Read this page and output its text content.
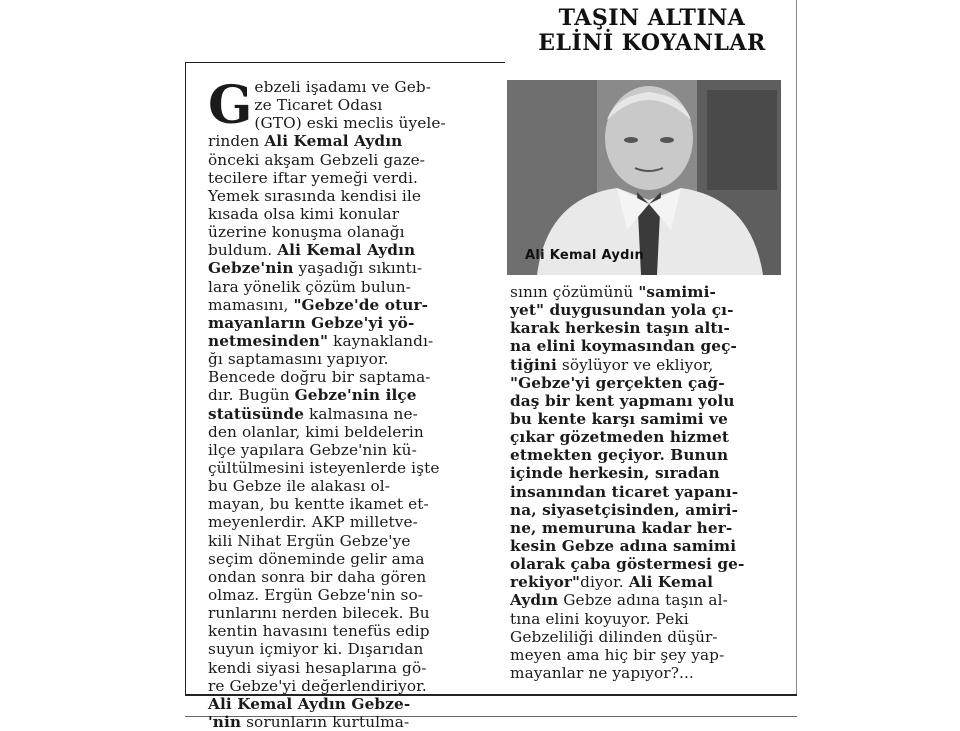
TAŞIN ALTINA
ELİNİ KOYANLAR
Ali Kemal Aydın
G ebzeli işadamı ve Geb-
ze Ticaret Odası
(GTO) eski meclis üyele-
rinden Ali Kemal Aydın
önceki akşam Gebzeli gaze-
tecilere iftar yemeği verdi.
Yemek sırasında kendisi ile
kısada olsa kimi konular
üzerine konuşma olanağı
buldum. Ali Kemal Aydın
Gebze'nin yaşadığı sıkıntı-
lara yönelik çözüm bulun-
mamasını, "Gebze'de otur-
mayanların Gebze'yi yö-
netmesinden" kaynaklandı-
ğı saptamasını yapıyor.
Bencede doğru bir saptama-
dır. Bugün Gebze'nin ilçe
statüsünde kalmasına ne-
den olanlar, kimi beldelerin
ilçe yapılara Gebze'nin kü-
çültülmesini isteyenlerde işte
bu Gebze ile alakası ol-
mayan, bu kentte ikamet et-
meyenlerdir. AKP milletve-
kili Nihat Ergün Gebze'ye
seçim döneminde gelir ama
ondan sonra bir daha gören
olmaz. Ergün Gebze'nin so-
runlarını nerden bilecek. Bu
kentin havasını tenefüs edip
suyun içmiyor ki. Dışarıdan
kendi siyasi hesaplarına gö-
re Gebze'yi değerlendiriyor.
Ali Kemal Aydın Gebze-
'nin sorunların kurtulma-
sının çözümünü "samimi-
yet" duygusundan yola çı-
karak herkesin taşın altı-
na elini koymasından geç-
tiğini söylüyor ve ekliyor,
"Gebze'yi gerçekten çağ-
daş bir kent yapmanı yolu
bu kente karşı samimi ve
çıkar gözetmeden hizmet
etmekten geçiyor. Bunun
içinde herkesin, sıradan
insanından ticaret yapanı-
na, siyasetçisinden, amiri-
ne, memuruna kadar her-
kesin Gebze adına samimi
olarak çaba göstermesi ge-
rekiyor"diyor. Ali Kemal
Aydın Gebze adına taşın al-
tına elini koyuyor. Peki
Gebzeliliği dilinden düşür-
meyen ama hiç bir şey yap-
mayanlar ne yapıyor?...
